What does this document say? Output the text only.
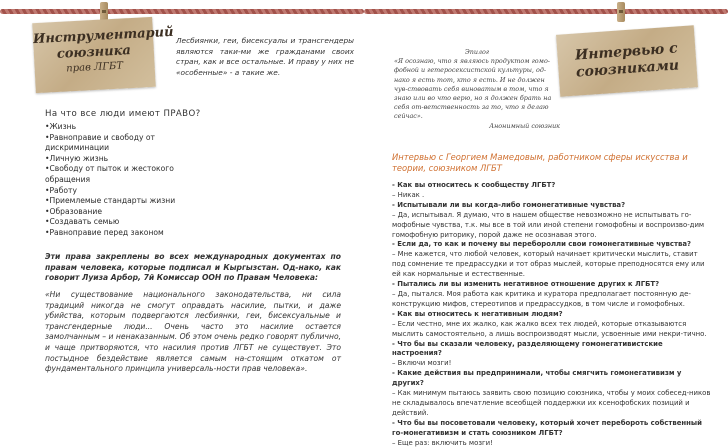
Инструментарий
союзника
прав ЛГБТ
Лесбиянки, геи, бисексуалы и трансгендеры являются таки-ми же гражданами своих стран, как и все остальные. И праву у них не «особенные» - а такие же.
На что все люди имеют ПРАВО?
•Жизнь
•Равноправие и свободу от дискриминации
•Личную жизнь
•Свободу от пыток и жестокого обращения
•Работу
•Приемлемые стандарты жизни
•Образование
•Создавать семью
•Равноправие перед законом
Эти права закреплены во всех международных документах по правам человека, которые подписал и Кыргызстан. Од-нако, как говорит Луиза Арбор, 7й Комиссар ООН по Правам Человека:
«Ни существование национального законодательства, ни сила традиций никогда не смогут оправдать насилие, пытки, и даже убийства, которым подвергаются лесбиянки, геи, бисексуальные и трансгендерные люди... Очень часто это насилие остается замолчанным – и ненаказанным. Об этом очень редко говорят публично, и чаще притворяются, что насилия против ЛГБТ не существует. Это постыдное бездействие является самым на-стоящим откатом от фундаментального принципа универсаль-ности прав человека».
Эпилог
«Я осознаю, что я являюсь продуктом гомо-фобной и гетеросексистской культуры, од-нако я есть тот, кто я есть. И не должен чув-ствовать себя виноватым в том, что я знаю или во что верю, но я должен брать на себя от-ветственность за то, что я делаю сейчас».
Анонимный союзник
Интервью с
союзниками
Интервью с Георгием Мамедовым, работником сферы искусства и теории, союзником ЛГБТ

- Как вы относитесь к сообществу ЛГБТ?

– Никак .

- Испытывали ли вы когда-либо гомонегативные чувства?

– Да, испытывал. Я думаю, что в нашем обществе невозможно не испытывать го-мофобные чувства, т.к. мы все в той или иной степени гомофобны и воспроизво-дим гомофобную риторику, порой даже не осознавая этого.

- Если да, то как и почему вы переборолли свои гомонегативные чувства?

– Мне кажется, что любой человек, который начинает критически мыслить, ставит под сомнение те предрассудки и тот образ мыслей, которые преподносятся ему или ей как нормальные и естественные.

- Пытались ли вы изменить негативное отношение других к ЛГБТ?

– Да, пытался. Моя работа как критика и куратора предполагает постоянную де-конструкцию мифов, стереотипов и предрассудков, в том числе и гомофобных.

- Как вы относитесь к негативным людям?

– Если честно, мне их жалко, как жалко всех тех людей, которые отказываются мыслить самостоятельно, а лишь воспроизводят мысли, усвоенные ими некри-тично.

- Что бы вы сказали человеку, разделяющему гомонегативистские настроения?

– Включи мозги!

- Какие действия вы предпринимали, чтобы смягчить гомонегативизм у других?

– Как минимум пытаюсь заявить свою позицию союзника, чтобы у моих собесед-ников не складывалось впечатление всеобщей поддержки их ксенофобских позиций и действий.

- Что бы вы посоветовали человеку, который хочет перебороть собственный го-монегативизм и стать союзником ЛГБТ?

– Еще раз: включить мозги!
